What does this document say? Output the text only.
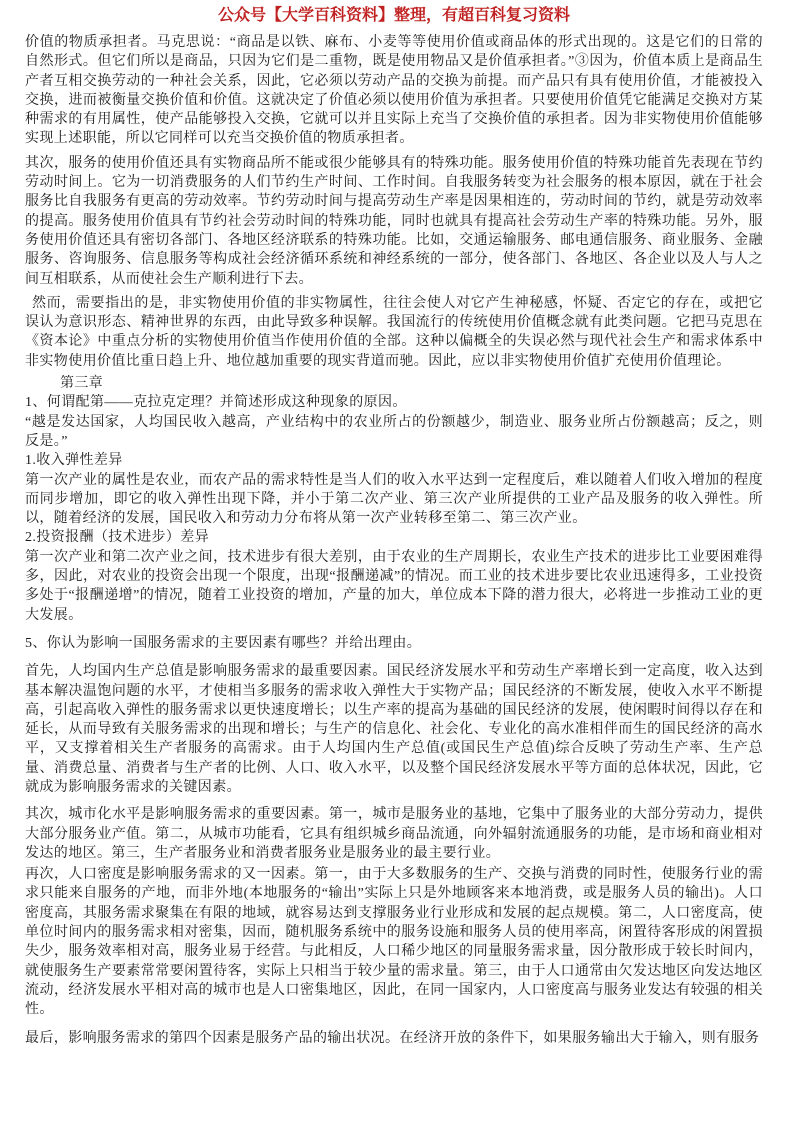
公众号【大学百科资料】整理，有超百科复习资料

价值的物质承担者。马克思说：“商品是以铁、麻布、小麦等等使用价值或商品体的形式出现的。这是它们的日常的自然形式。但它们所以是商品，只因为它们是二重物，既是使用物品又是价值承担者。”③因为，价值本质上是商品生产者互相交换劳动的一种社会关系，因此，它必须以劳动产品的交换为前提。而产品只有具有使用价值，才能被投入交换，进而被衡量交换价值和价值。这就决定了价值必须以使用价值为承担者。只要使用价值凭它能满足交换对方某种需求的有用属性，使产品能够投入交换，它就可以并且实际上充当了交换价值的承担者。因为非实物使用价值能够实现上述职能，所以它同样可以充当交换价值的物质承担者。

其次，服务的使用价值还具有实物商品所不能或很少能够具有的特殊功能。服务使用价值的特殊功能首先表现在节约劳动时间上。它为一切消费服务的人们节约生产时间、工作时间。自我服务转变为社会服务的根本原因，就在于社会服务比自我服务有更高的劳动效率。节约劳动时间与提高劳动生产率是因果相连的，劳动时间的节约，就是劳动效率的提高。服务使用价值具有节约社会劳动时间的特殊功能，同时也就具有提高社会劳动生产率的特殊功能。另外，服务使用价值还具有密切各部门、各地区经济联系的特殊功能。比如，交通运输服务、邮电通信服务、商业服务、金融服务、咨询服务、信息服务等构成社会经济循环系统和神经系统的一部分，使各部门、各地区、各企业以及人与人之间互相联系，从而使社会生产顺利进行下去。

然而，需要指出的是，非实物使用价值的非实物属性，往往会使人对它产生神秘感，怀疑、否定它的存在，或把它误认为意识形态、精神世界的东西，由此导致多种误解。我国流行的传统使用价值概念就有此类问题。它把马克思在《资本论》中重点分析的实物使用价值当作使用价值的全部。这种以偏概全的失误必然与现代社会生产和需求体系中非实物使用价值比重日趋上升、地位越加重要的现实背道而驰。因此，应以非实物使用价值扩充使用价值理论。

第三章

1、何谓配第——克拉克定理？并简述形成这种现象的原因。

“越是发达国家，人均国民收入越高，产业结构中的农业所占的份额越少，制造业、服务业所占份额越高；反之，则反是。”

1.收入弹性差异

第一次产业的属性是农业，而农产品的需求特性是当人们的收入水平达到一定程度后，难以随着人们收入增加的程度而同步增加，即它的收入弹性出现下降，并小于第二次产业、第三次产业所提供的工业产品及服务的收入弹性。所以，随着经济的发展，国民收入和劳动力分布将从第一次产业转移至第二、第三次产业。

2.投资报酬（技术进步）差异

第一次产业和第二次产业之间，技术进步有很大差别，由于农业的生产周期长，农业生产技术的进步比工业要困难得多，因此，对农业的投资会出现一个限度，出现“报酬递减”的情况。而工业的技术进步要比农业迅速得多，工业投资多处于“报酬递增”的情况，随着工业投资的增加，产量的加大，单位成本下降的潜力很大，必将进一步推动工业的更大发展。

5、你认为影响一国服务需求的主要因素有哪些？并给出理由。

首先，人均国内生产总值是影响服务需求的最重要因素。国民经济发展水平和劳动生产率增长到一定高度，收入达到基本解决温饱问题的水平，才使相当多服务的需求收入弹性大于实物产品；国民经济的不断发展，使收入水平不断提高，引起高收入弹性的服务需求以更快速度增长；以生产率的提高为基础的国民经济的发展，使闲暇时间得以存在和延长，从而导致有关服务需求的出现和增长；与生产的信息化、社会化、专业化的高水准相伴而生的国民经济的高水平，又支撑着相关生产者服务的高需求。由于人均国内生产总值(或国民生产总值)综合反映了劳动生产率、生产总量、消费总量、消费者与生产者的比例、人口、收入水平，以及整个国民经济发展水平等方面的总体状况，因此，它就成为影响服务需求的关键因素。

其次，城市化水平是影响服务需求的重要因素。第一，城市是服务业的基地，它集中了服务业的大部分劳动力，提供大部分服务业产值。第二，从城市功能看，它具有组织城乡商品流通，向外辐射流通服务的功能，是市场和商业相对发达的地区。第三，生产者服务业和消费者服务业是服务业的最主要行业。

再次，人口密度是影响服务需求的又一因素。第一，由于大多数服务的生产、交换与消费的同时性，使服务行业的需求只能来自服务的产地，而非外地(本地服务的“输出”实际上只是外地顾客来本地消费，或是服务人员的输出)。人口密度高，其服务需求聚集在有限的地域，就容易达到支撑服务业行业形成和发展的起点规模。第二，人口密度高，使单位时间内的服务需求相对密集，因而，随机服务系统中的服务设施和服务人员的使用率高，闲置待客形成的闲置损失少，服务效率相对高，服务业易于经营。与此相反，人口稀少地区的同量服务需求量，因分散形成于较长时间内，就使服务生产要素常常要闲置待客，实际上只相当于较少量的需求量。第三，由于人口通常由欠发达地区向发达地区流动，经济发展水平相对高的城市也是人口密集地区，因此，在同一国家内，人口密度高与服务业发达有较强的相关性。

最后，影响服务需求的第四个因素是服务产品的输出状况。在经济开放的条件下，如果服务输出大于输入，则有服务
